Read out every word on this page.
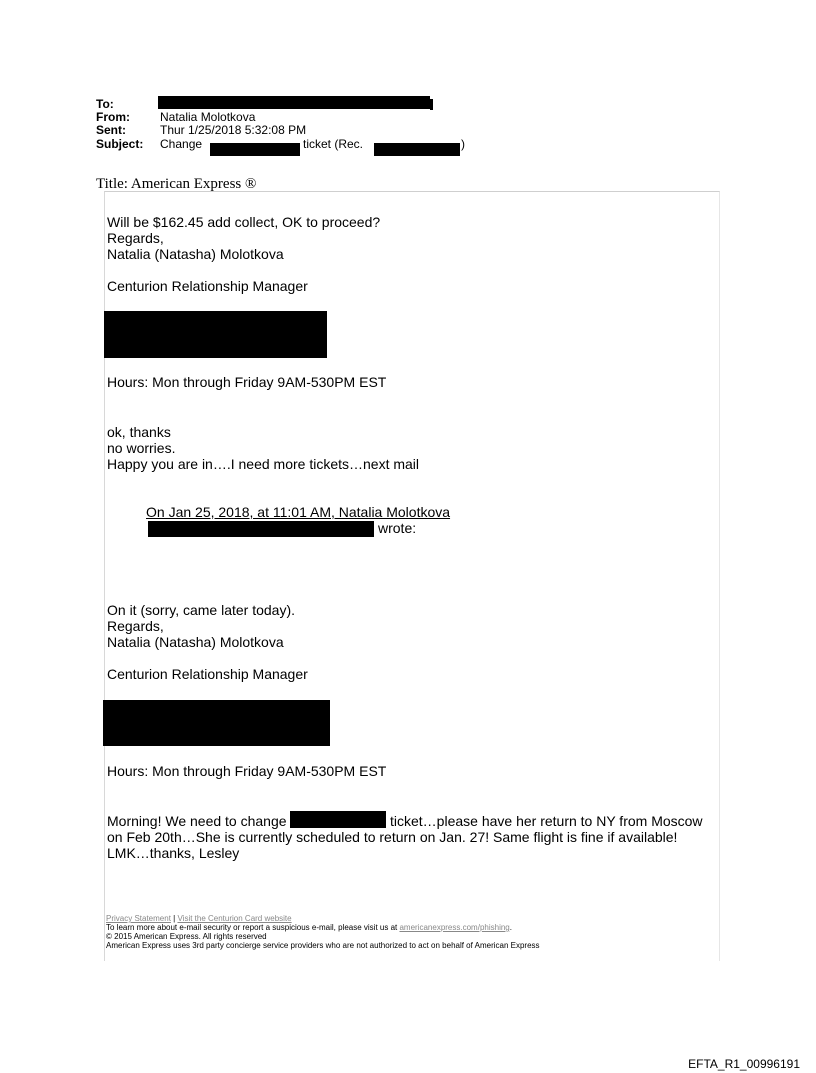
To:
From:	Natalia Molotkova
Sent:	Thur 1/25/2018 5:32:08 PM
Subject: Change	ticket (Rec.	)
Title: American Express ®
Will be $162.45 add collect, OK to proceed?
Regards,
Natalia (Natasha) Molotkova
Centurion Relationship Manager
Hours: Mon through Friday 9AM-530PM EST
ok, thanks
no worries.
Happy you are in….I need more tickets…next mail
On Jan 25, 2018, at 11:01 AM, Natalia Molotkova
wrote:
On it (sorry, came later today).
Regards,
Natalia (Natasha) Molotkova
Centurion Relationship Manager
Hours: Mon through Friday 9AM-530PM EST
Morning! We need to change	ticket…please have her return to NY from Moscow
on Feb 20th…She is currently scheduled to return on Jan. 27! Same flight is fine if available!
LMK…thanks, Lesley
Privacy Statement | Visit the Centurion Card website
To learn more about e-mail security or report a suspicious e-mail, please visit us at americanexpress.com/phishing.
© 2015 American Express. All rights reserved
American Express uses 3rd party concierge service providers who are not authorized to act on behalf of American Express
EFTA_R1_00996191
